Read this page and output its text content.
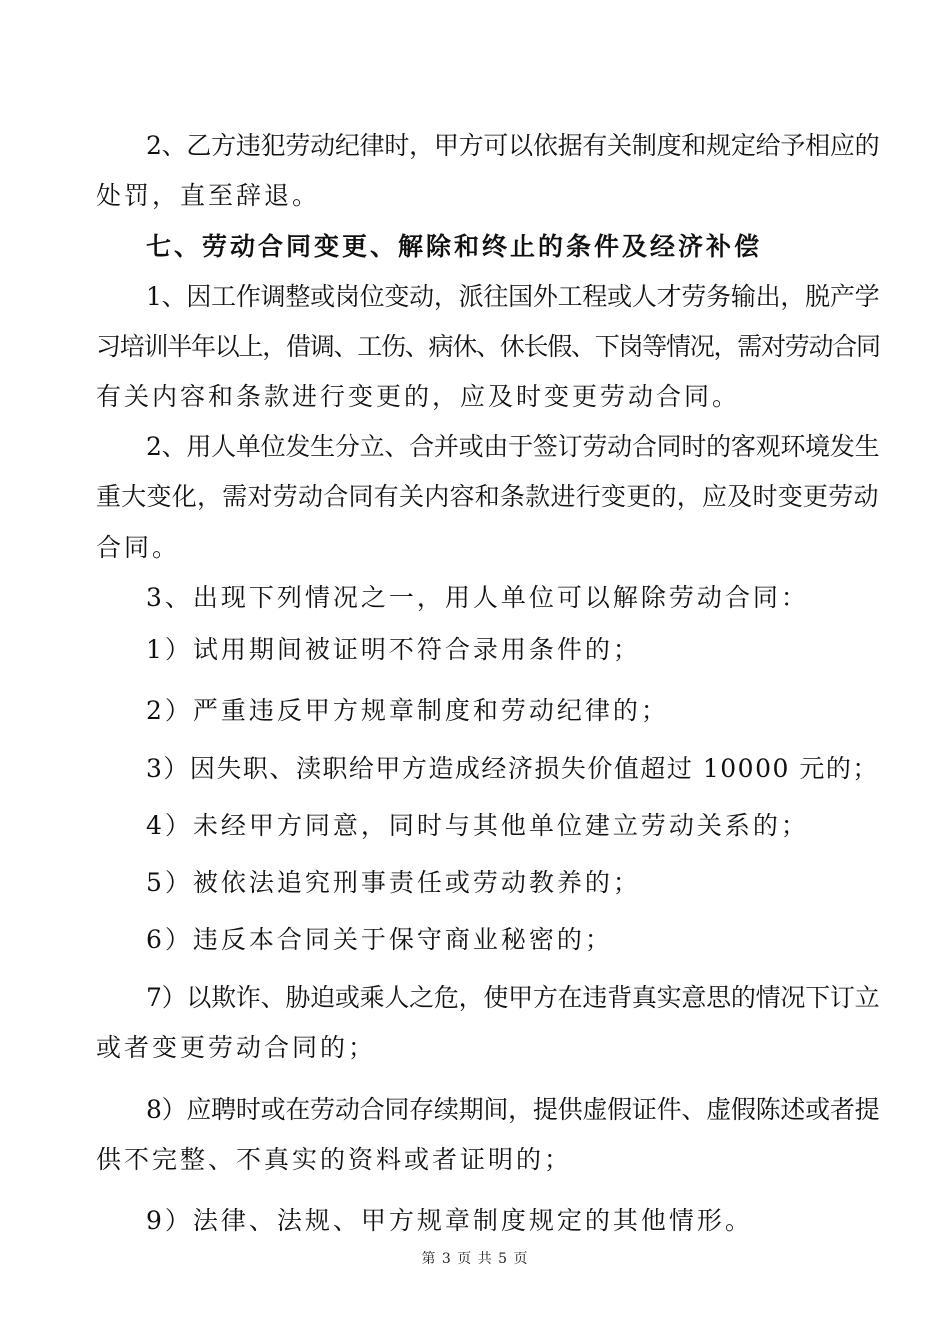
2、乙方违犯劳动纪律时，甲方可以依据有关制度和规定给予相应的
处罚，直至辞退。
七、劳动合同变更、解除和终止的条件及经济补偿
1、因工作调整或岗位变动，派往国外工程或人才劳务输出，脱产学
习培训半年以上，借调、工伤、病休、休长假、下岗等情况，需对劳动合同
有关内容和条款进行变更的，应及时变更劳动合同。
2、用人单位发生分立、合并或由于签订劳动合同时的客观环境发生
重大变化，需对劳动合同有关内容和条款进行变更的，应及时变更劳动
合同。
3、出现下列情况之一，用人单位可以解除劳动合同：
1）试用期间被证明不符合录用条件的；
2）严重违反甲方规章制度和劳动纪律的；
3）因失职、渎职给甲方造成经济损失价值超过 10000 元的；
4）未经甲方同意，同时与其他单位建立劳动关系的；
5）被依法追究刑事责任或劳动教养的；
6）违反本合同关于保守商业秘密的；
7）以欺诈、胁迫或乘人之危，使甲方在违背真实意思的情况下订立
或者变更劳动合同的；
8）应聘时或在劳动合同存续期间，提供虚假证件、虚假陈述或者提
供不完整、不真实的资料或者证明的；
9）法律、法规、甲方规章制度规定的其他情形。
第 3 页 共 5 页
